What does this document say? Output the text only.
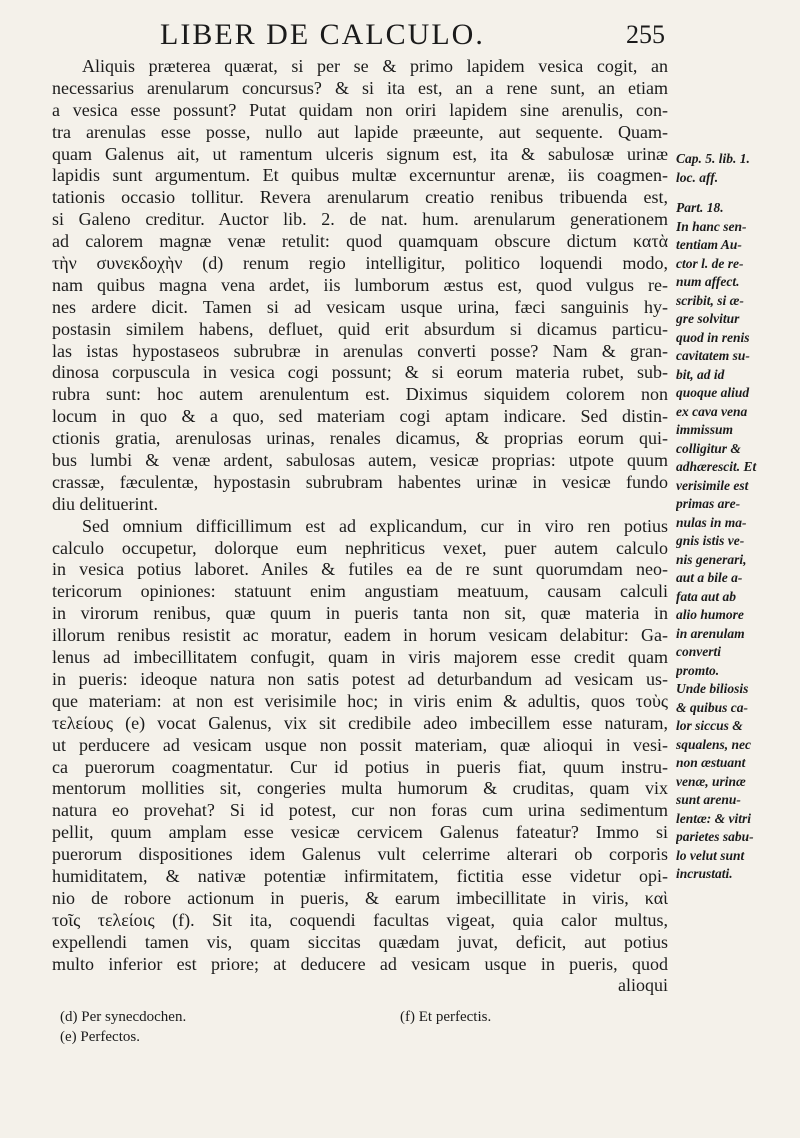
LIBER DE CALCULO.	255
Aliquis præterea quærat, si per se & primo lapidem vesica cogit, an
necessarius arenularum concursus? & si ita est, an a rene sunt, an etiam
a vesica esse possunt? Putat quidam non oriri lapidem sine arenulis, con-
tra arenulas esse posse, nullo aut lapide præeunte, aut sequente. Quam-
quam Galenus ait, ut ramentum ulceris signum est, ita & sabulosæ urinæ
lapidis sunt argumentum. Et quibus multæ excernuntur arenæ, iis coagmen-
tationis occasio tollitur. Revera arenularum creatio renibus tribuenda est,
si Galeno creditur. Auctor lib. 2. de nat. hum. arenularum generationem
ad calorem magnæ venæ retulit: quod quamquam obscure dictum κατὰ
τὴν συνεκδοχὴν (d) renum regio intelligitur, politico loquendi modo,
nam quibus magna vena ardet, iis lumborum æstus est, quod vulgus re-
nes ardere dicit. Tamen si ad vesicam usque urina, fæci sanguinis hy-
postasin similem habens, defluet, quid erit absurdum si dicamus particu-
las istas hypostaseos subrubræ in arenulas converti posse? Nam & gran-
dinosa corpuscula in vesica cogi possunt; & si eorum materia rubet, sub-
rubra sunt: hoc autem arenulentum est. Diximus siquidem colorem non
locum in quo & a quo, sed materiam cogi aptam indicare. Sed distin-
ctionis gratia, arenulosas urinas, renales dicamus, & proprias eorum qui-
bus lumbi & venæ ardent, sabulosas autem, vesicæ proprias: utpote quum
crassæ, fæculentæ, hypostasin subrubram habentes urinæ in vesicæ fundo
diu delituerint.
Sed omnium difficillimum est ad explicandum, cur in viro ren potius
calculo occupetur, dolorque eum nephriticus vexet, puer autem calculo
in vesica potius laboret. Aniles & futiles ea de re sunt quorumdam neo-
tericorum opiniones: statuunt enim angustiam meatuum, causam calculi
in virorum renibus, quæ quum in pueris tanta non sit, quæ materia in
illorum renibus resistit ac moratur, eadem in horum vesicam delabitur: Ga-
lenus ad imbecillitatem confugit, quam in viris majorem esse credit quam
in pueris: ideoque natura non satis potest ad deturbandum ad vesicam us-
que materiam: at non est verisimile hoc; in viris enim & adultis, quos τοὺς
τελείους (e) vocat Galenus, vix sit credibile adeo imbecillem esse naturam,
ut perducere ad vesicam usque non possit materiam, quæ alioqui in vesi-
ca puerorum coagmentatur. Cur id potius in pueris fiat, quum instru-
mentorum mollities sit, congeries multa humorum & cruditas, quam vix
natura eo provehat? Si id potest, cur non foras cum urina sedimentum
pellit, quum amplam esse vesicæ cervicem Galenus fateatur? Immo si
puerorum dispositiones idem Galenus vult celerrime alterari ob corporis
humiditatem, & nativæ potentiæ infirmitatem, fictitia esse videtur opi-
nio de robore actionum in pueris, & earum imbecillitate in viris, καὶ
τοῖς τελείοις (f). Sit ita, coquendi facultas vigeat, quia calor multus,
expellendi tamen vis, quam siccitas quædam juvat, deficit, aut potius
multo inferior est priore; at deducere ad vesicam usque in pueris, quod
alioqui
Cap. 5. lib. 1.
loc. aff.
Part. 18.
In hanc sen-
tentiam Au-
ctor l. de re-
num affect.
scribit, si æ-
gre solvitur
quod in renis
cavitatem su-
bit, ad id
quoque aliud
ex cava vena
immissum
colligitur &
adhærescit. Et
verisimile est
primas are-
nulas in ma-
gnis istis ve-
nis generari,
aut a bile a-
fata aut ab
alio humore
in arenulam
converti
promto.
Unde biliosis
& quibus ca-
lor siccus &
squalens, nec
non æstuant
venæ, urinæ
sunt arenu-
lentæ: & vitri
parietes sabu-
lo velut sunt
incrustati.
(d) Per synecdochen.
(e) Perfectos.
(f) Et perfectis.
